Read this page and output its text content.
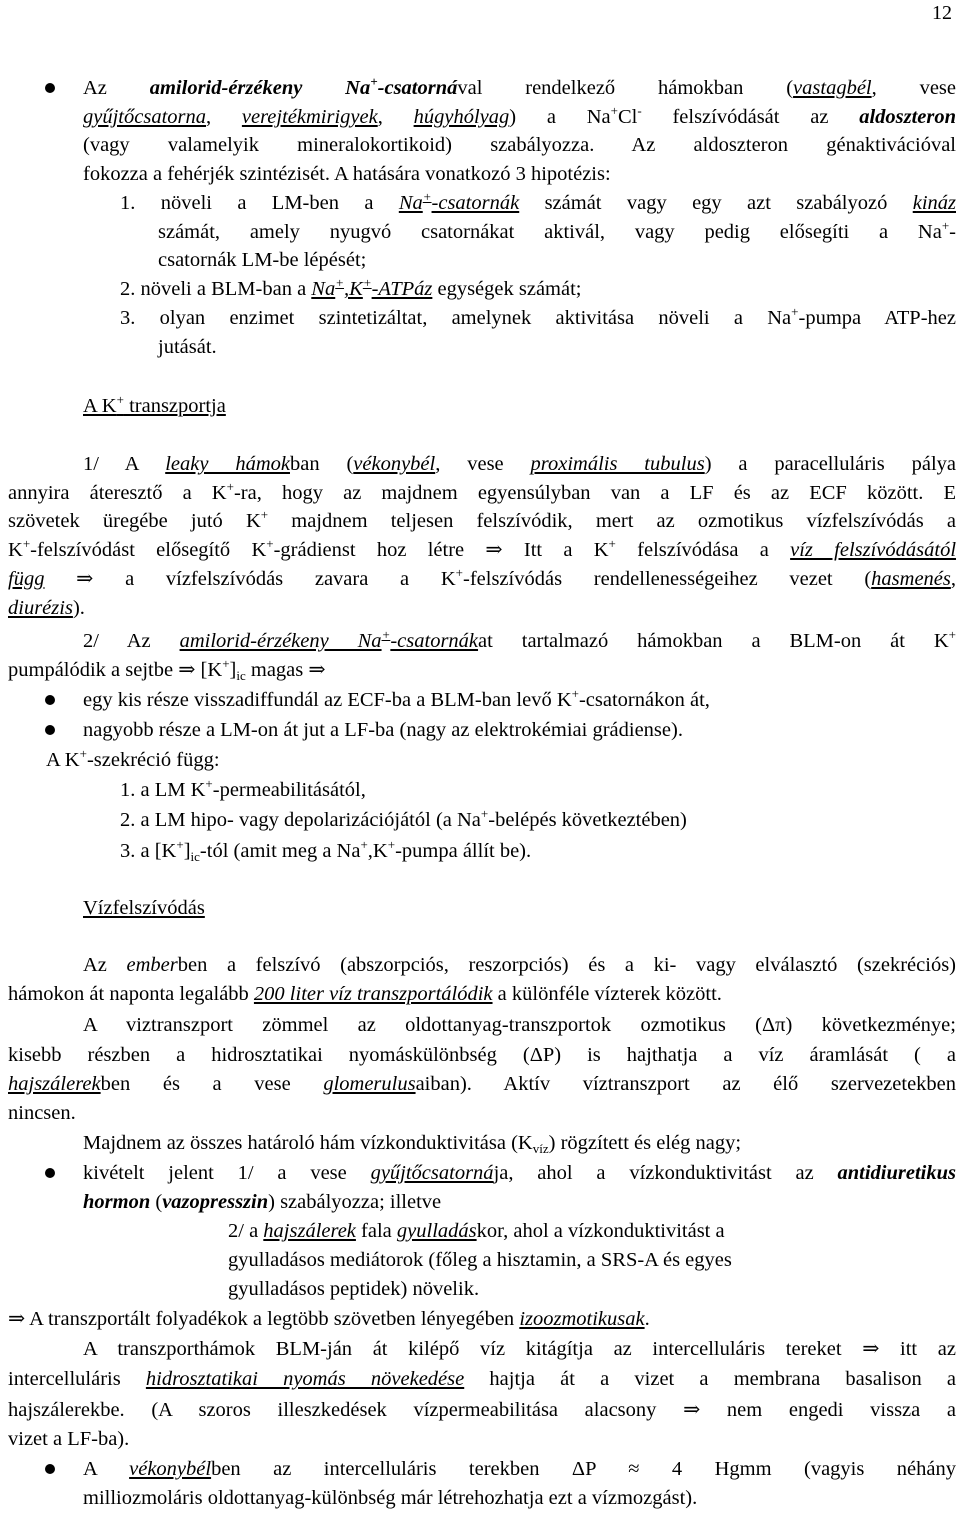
12
Az amilorid-érzékeny Na+-csatornával rendelkező hámokban (vastagbél, vese
gyűjtőcsatorna, verejtékmirigyek, húgyhólyag) a Na+Cl- felszívódását az aldoszteron
(vagy valamelyik mineralokortikoid) szabályozza. Az aldoszteron génaktivációval
fokozza a fehérjék szintézisét. A hatására vonatkozó 3 hipotézis:
1. növeli a LM-ben a Na+-csatornák számát vagy egy azt szabályozó kináz
számát, amely nyugvó csatornákat aktivál, vagy pedig elősegíti a Na+-
csatornák LM-be lépését;
2. növeli a BLM-ban a Na+,K+-ATPáz egységek számát;
3. olyan enzimet szintetizáltat, amelynek aktivitása növeli a Na+-pumpa ATP-hez
jutását.
A K+ transzportja
1/ A leaky hámokban (vékonybél, vese proximális tubulus) a paracelluláris pálya
annyira áteresztő a K+-ra, hogy az majdnem egyensúlyban van a LF és az ECF között. E
szövetek üregébe jutó K+ majdnem teljesen felszívódik, mert az ozmotikus vízfelszívódás a
K+-felszívódást elősegítő K+-grádienst hoz létre ⇒ Itt a K+ felszívódása a víz felszívódásától
függ ⇒ a vízfelszívódás zavara a K+-felszívódás rendellenességeihez vezet (hasmenés,
diurézis).
2/ Az amilorid-érzékeny Na+-csatornákat tartalmazó hámokban a BLM-on át K+
pumpálódik a sejtbe ⇒ $[K^+]_{ic}$ magas ⇒
egy kis része visszadiffundál az ECF-ba a BLM-ban levő K+-csatornákon át,
nagyobb része a LM-on át jut a LF-ba (nagy az elektrokémiai grádiense).
A K+-szekréció függ:
1. a LM K+-permeabilitásától,
2. a LM hipo- vagy depolarizációjától (a Na+-belépés következtében)
3. a $[K^+]_{ic}$-tól (amit meg a Na+,K+-pumpa állít be).
Vízfelszívódás
Az emberben a felszívó (abszorpciós, reszorpciós) és a ki- vagy elválasztó (szekréciós)
hámokon át naponta legalább 200 liter víz transzportálódik a különféle vízterek között.
A viztranszport zömmel az oldottanyag-transzportok ozmotikus (Δπ) következménye;
kisebb részben a hidrosztatikai nyomáskülönbség (ΔP) is hajthatja a víz áramlását ( a
hajszálerekben és a vese glomerulusaiban). Aktív víztranszport az élő szervezetekben
nincsen.
Majdnem az összes határoló hám vízkonduktivitása $(K_{víz})$ rögzített és elég nagy;
kivételt jelent 1/ a vese gyűjtőcsatornája, ahol a vízkonduktivitást az antidiuretikus
hormon (vazopresszin) szabályozza; illetve
2/ a hajszálerek fala gyulladáskor, ahol a vízkonduktivitást a
gyulladásos mediátorok (főleg a hisztamin, a SRS-A és egyes
gyulladásos peptidek) növelik.
⇒ A transzportált folyadékok a legtöbb szövetben lényegében izoozmotikusak.
A transzporthámok BLM-ján át kilépő víz kitágítja az intercelluláris tereket ⇒ itt az
intercelluláris hidrosztatikai nyomás növekedése hajtja át a vizet a membrana basalison a
hajszálerekbe. (A szoros illeszkedések vízpermeabilitása alacsony ⇒ nem engedi vissza a
vizet a LF-ba).
A vékonybélben az intercelluláris terekben ΔP ≈ 4 Hgmm (vagyis néhány
milliozmoláris oldottanyag-különbség már létrehozhatja ezt a vízmozgást).
